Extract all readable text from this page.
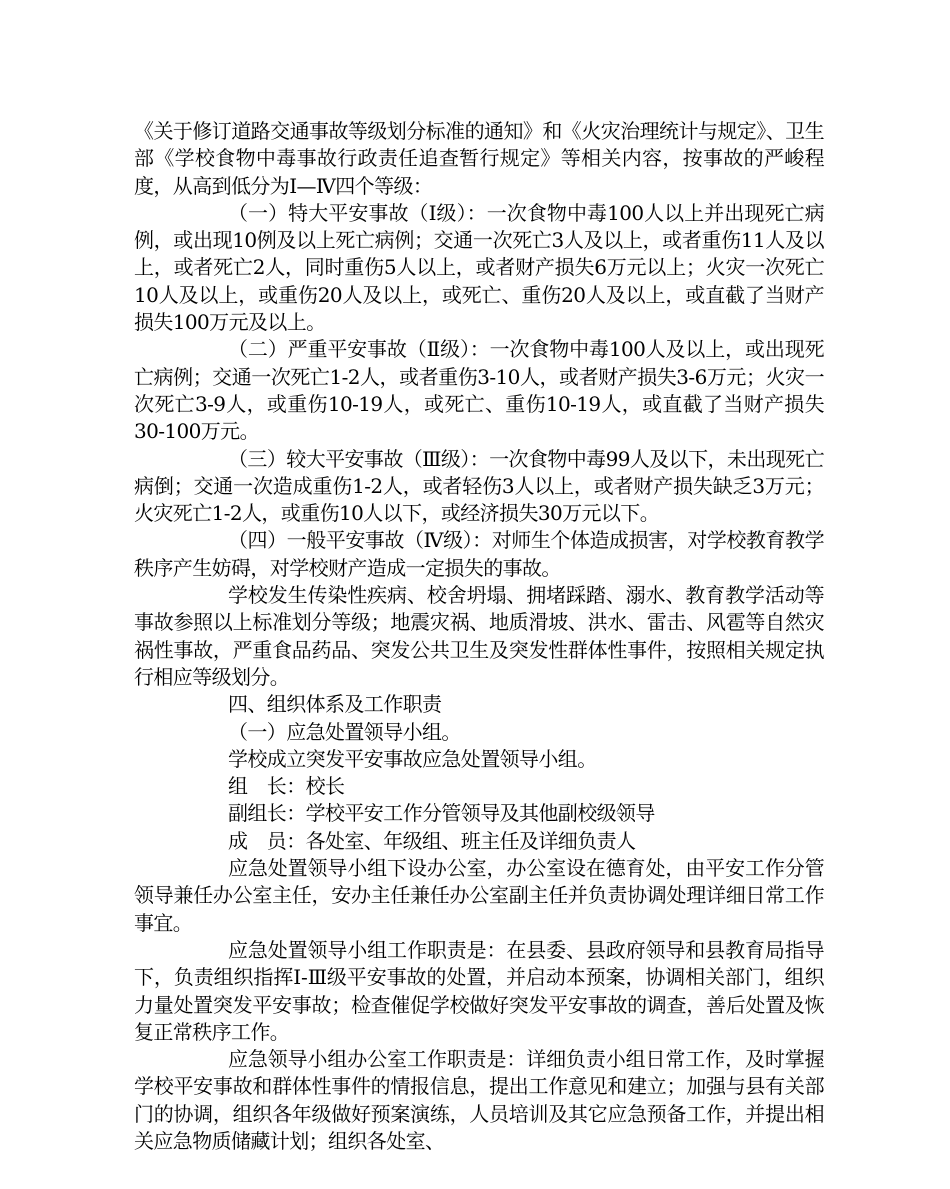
《关于修订道路交通事故等级划分标准的通知》和《火灾治理统计与规定》、卫生部《学校食物中毒事故行政责任追查暂行规定》等相关内容，按事故的严峻程度，从高到低分为Ⅰ—Ⅳ四个等级：

（一）特大平安事故（Ⅰ级）：一次食物中毒100人以上并出现死亡病例，或出现10例及以上死亡病例；交通一次死亡3人及以上，或者重伤11人及以上，或者死亡2人，同时重伤5人以上，或者财产损失6万元以上；火灾一次死亡10人及以上，或重伤20人及以上，或死亡、重伤20人及以上，或直截了当财产损失100万元及以上。

（二）严重平安事故（Ⅱ级）：一次食物中毒100人及以上，或出现死亡病例；交通一次死亡1-2人，或者重伤3-10人，或者财产损失3-6万元；火灾一次死亡3-9人，或重伤10-19人，或死亡、重伤10-19人，或直截了当财产损失30-100万元。

（三）较大平安事故（Ⅲ级）：一次食物中毒99人及以下，未出现死亡病倒；交通一次造成重伤1-2人，或者轻伤3人以上，或者财产损失缺乏3万元；火灾死亡1-2人，或重伤10人以下，或经济损失30万元以下。

（四）一般平安事故（Ⅳ级）：对师生个体造成损害，对学校教育教学秩序产生妨碍，对学校财产造成一定损失的事故。

学校发生传染性疾病、校舍坍塌、拥堵踩踏、溺水、教育教学活动等事故参照以上标准划分等级；地震灾祸、地质滑坡、洪水、雷击、风雹等自然灾祸性事故，严重食品药品、突发公共卫生及突发性群体性事件，按照相关规定执行相应等级划分。

四、组织体系及工作职责

（一）应急处置领导小组。

学校成立突发平安事故应急处置领导小组。

组　长：校长

副组长：学校平安工作分管领导及其他副校级领导

成　员：各处室、年级组、班主任及详细负责人

应急处置领导小组下设办公室，办公室设在德育处，由平安工作分管领导兼任办公室主任，安办主任兼任办公室副主任并负责协调处理详细日常工作事宜。

应急处置领导小组工作职责是：在县委、县政府领导和县教育局指导下，负责组织指挥Ⅰ-Ⅲ级平安事故的处置，并启动本预案，协调相关部门，组织力量处置突发平安事故；检查催促学校做好突发平安事故的调查，善后处置及恢复正常秩序工作。

应急领导小组办公室工作职责是：详细负责小组日常工作，及时掌握学校平安事故和群体性事件的情报信息，提出工作意见和建立；加强与县有关部门的协调，组织各年级做好预案演练，人员培训及其它应急预备工作，并提出相关应急物质储藏计划；组织各处室、
